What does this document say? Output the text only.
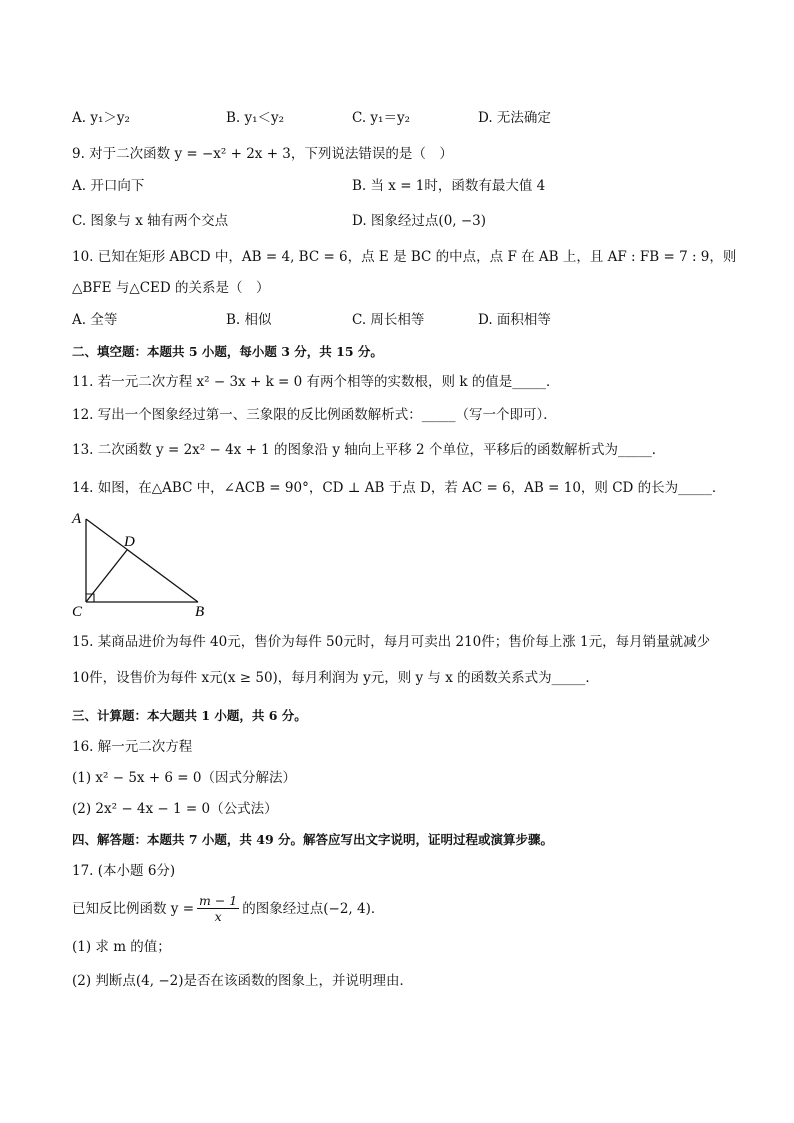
A. y₁＞y₂	B. y₁＜y₂	C. y₁＝y₂	D. 无法确定
9. 对于二次函数 y = −x² + 2x + 3，下列说法错误的是（　）
A. 开口向下	B. 当 x = 1时，函数有最大值 4
C. 图象与 x 轴有两个交点	D. 图象经过点(0, −3)
10. 已知在矩形 ABCD 中，AB = 4, BC = 6，点 E 是 BC 的中点，点 F 在 AB 上，且 AF : FB = 7 : 9，则
△BFE 与△CED 的关系是（　）
A. 全等	B. 相似	C. 周长相等	D. 面积相等
二、填空题：本题共 5 小题，每小题 3 分，共 15 分。
11. 若一元二次方程 x² − 3x + k = 0 有两个相等的实数根，则 k 的值是_____．
12. 写出一个图象经过第一、三象限的反比例函数解析式：_____（写一个即可）．
13. 二次函数 y = 2x² − 4x + 1 的图象沿 y 轴向上平移 2 个单位，平移后的函数解析式为_____．
14. 如图，在△ABC 中，∠ACB = 90°，CD ⊥ AB 于点 D，若 AC = 6，AB = 10，则 CD 的长为_____．
A
D
C	B
15. 某商品进价为每件 40元，售价为每件 50元时，每月可卖出 210件；售价每上涨 1元，每月销量就减少
10件，设售价为每件 x元(x ≥ 50)，每月利润为 y元，则 y 与 x 的函数关系式为_____．
三、计算题：本大题共 1 小题，共 6 分。
16. 解一元二次方程
(1) x² − 5x + 6 = 0（因式分解法）
(2) 2x² − 4x − 1 = 0（公式法）
四、解答题：本题共 7 小题，共 49 分。解答应写出文字说明，证明过程或演算步骤。
17. (本小题 6分)
已知反比例函数 $y = \frac{m - 1}{x}$ 的图象经过点(−2, 4)．
(1) 求 m 的值；
(2) 判断点(4, −2)是否在该函数的图象上，并说明理由．
